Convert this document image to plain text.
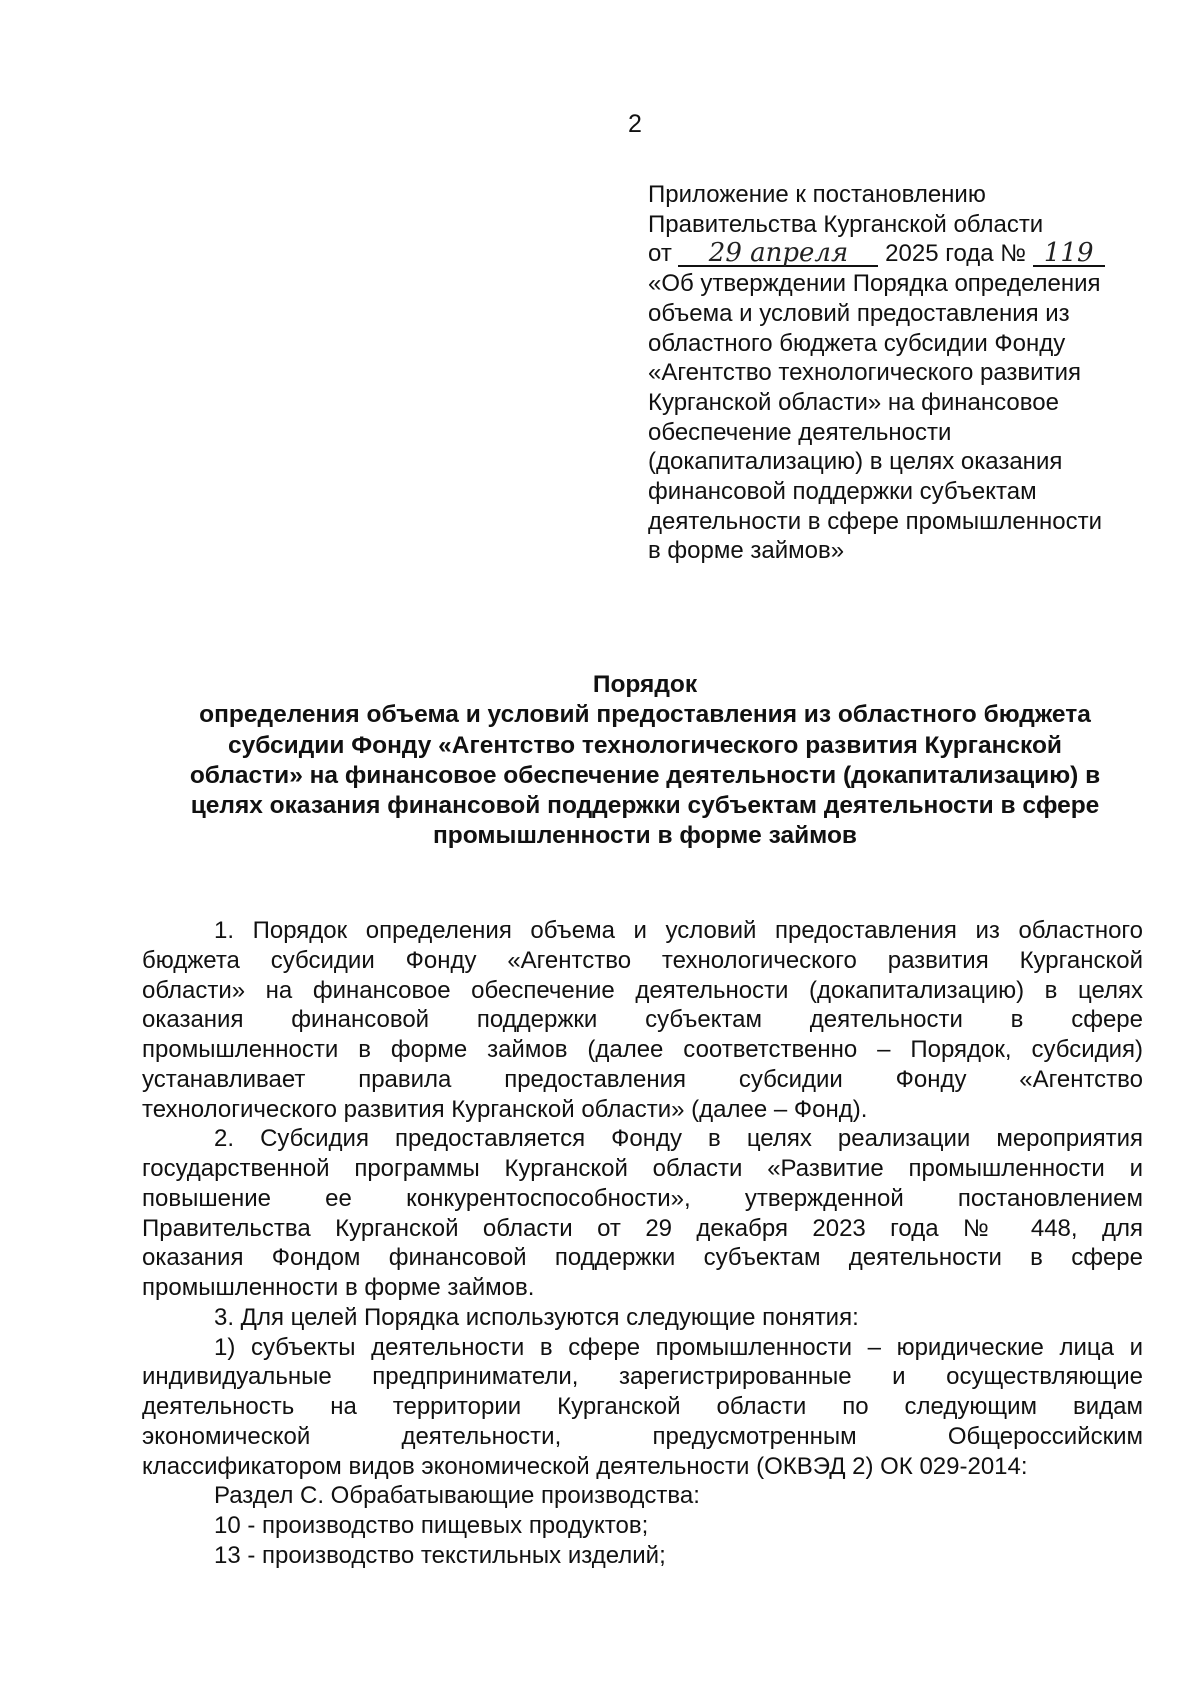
2
Приложение к постановлению
Правительства Курганской области
от 29 апреля 2025 года № 119
«Об утверждении Порядка определения
объема и условий предоставления из
областного бюджета субсидии Фонду
«Агентство технологического развития
Курганской области» на финансовое
обеспечение деятельности
(докапитализацию) в целях оказания
финансовой поддержки субъектам
деятельности в сфере промышленности
в форме займов»
Порядок
определения объема и условий предоставления из областного бюджета
субсидии Фонду «Агентство технологического развития Курганской
области» на финансовое обеспечение деятельности (докапитализацию) в
целях оказания финансовой поддержки субъектам деятельности в сфере
промышленности в форме займов
1. Порядок определения объема и условий предоставления из областного
бюджета субсидии Фонду «Агентство технологического развития Курганской
области» на финансовое обеспечение деятельности (докапитализацию) в целях
оказания финансовой поддержки субъектам деятельности в сфере
промышленности в форме займов (далее соответственно – Порядок, субсидия)
устанавливает правила предоставления субсидии Фонду «Агентство
технологического развития Курганской области» (далее – Фонд).
2. Субсидия предоставляется Фонду в целях реализации мероприятия
государственной программы Курганской области «Развитие промышленности и
повышение ее конкурентоспособности», утвержденной постановлением
Правительства Курганской области от 29 декабря 2023 года № 448, для
оказания Фондом финансовой поддержки субъектам деятельности в сфере
промышленности в форме займов.
3. Для целей Порядка используются следующие понятия:
1) субъекты деятельности в сфере промышленности – юридические лица и
индивидуальные предприниматели, зарегистрированные и осуществляющие
деятельность на территории Курганской области по следующим видам
экономической деятельности, предусмотренным Общероссийским
классификатором видов экономической деятельности (ОКВЭД 2) ОК 029-2014:
Раздел C. Обрабатывающие производства:
10 - производство пищевых продуктов;
13 - производство текстильных изделий;
